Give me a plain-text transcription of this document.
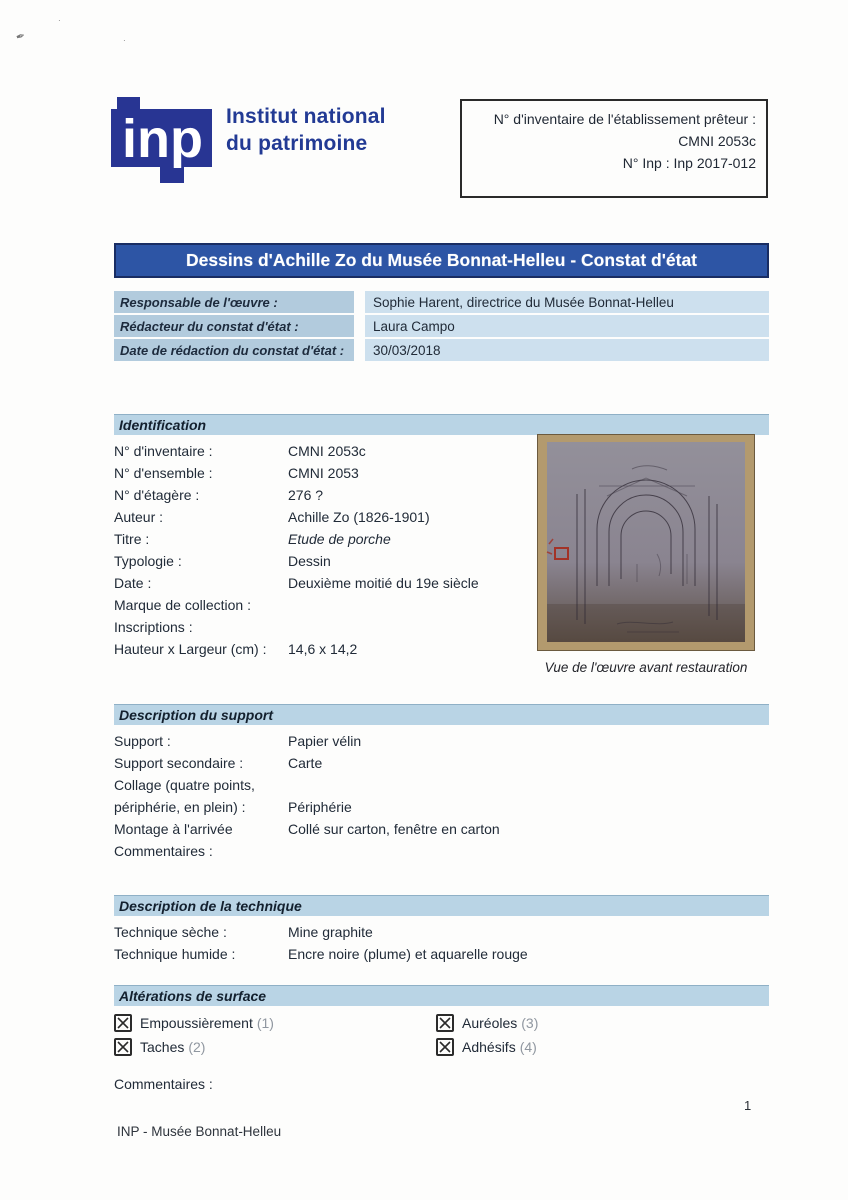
✒
·
·
inp Institut national
du patrimoine
N° d'inventaire de l'établissement prêteur :
CMNI 2053c
N° Inp : Inp 2017-012
Dessins d'Achille Zo du Musée Bonnat-Helleu - Constat d'état
Responsable de l'œuvre :	Sophie Harent, directrice du Musée Bonnat-Helleu
Rédacteur du constat d'état :	Laura Campo
Date de rédaction du constat d'état :	30/03/2018
Identification
N° d'inventaire :	CMNI 2053c
N° d'ensemble :	CMNI 2053
N° d'étagère :	276 ?
Auteur :	Achille Zo (1826-1901)
Titre :	Etude de porche
Typologie :	Dessin
Date :	Deuxième moitié du 19e siècle
Marque de collection :
Inscriptions :
Hauteur x Largeur (cm) :	14,6 x 14,2
Vue de l'œuvre avant restauration
Description du support
Support :	Papier vélin
Support secondaire :	Carte
Collage (quatre points,
périphérie, en plein) :	Périphérie
Montage à l'arrivée	Collé sur carton, fenêtre en carton
Commentaires :
Description de la technique
Technique sèche :	Mine graphite
Technique humide :	Encre noire (plume) et aquarelle rouge
Altérations de surface
Empoussièrement (1)	Auréoles (3)
Taches (2)	Adhésifs (4)
Commentaires :
1
INP - Musée Bonnat-Helleu
